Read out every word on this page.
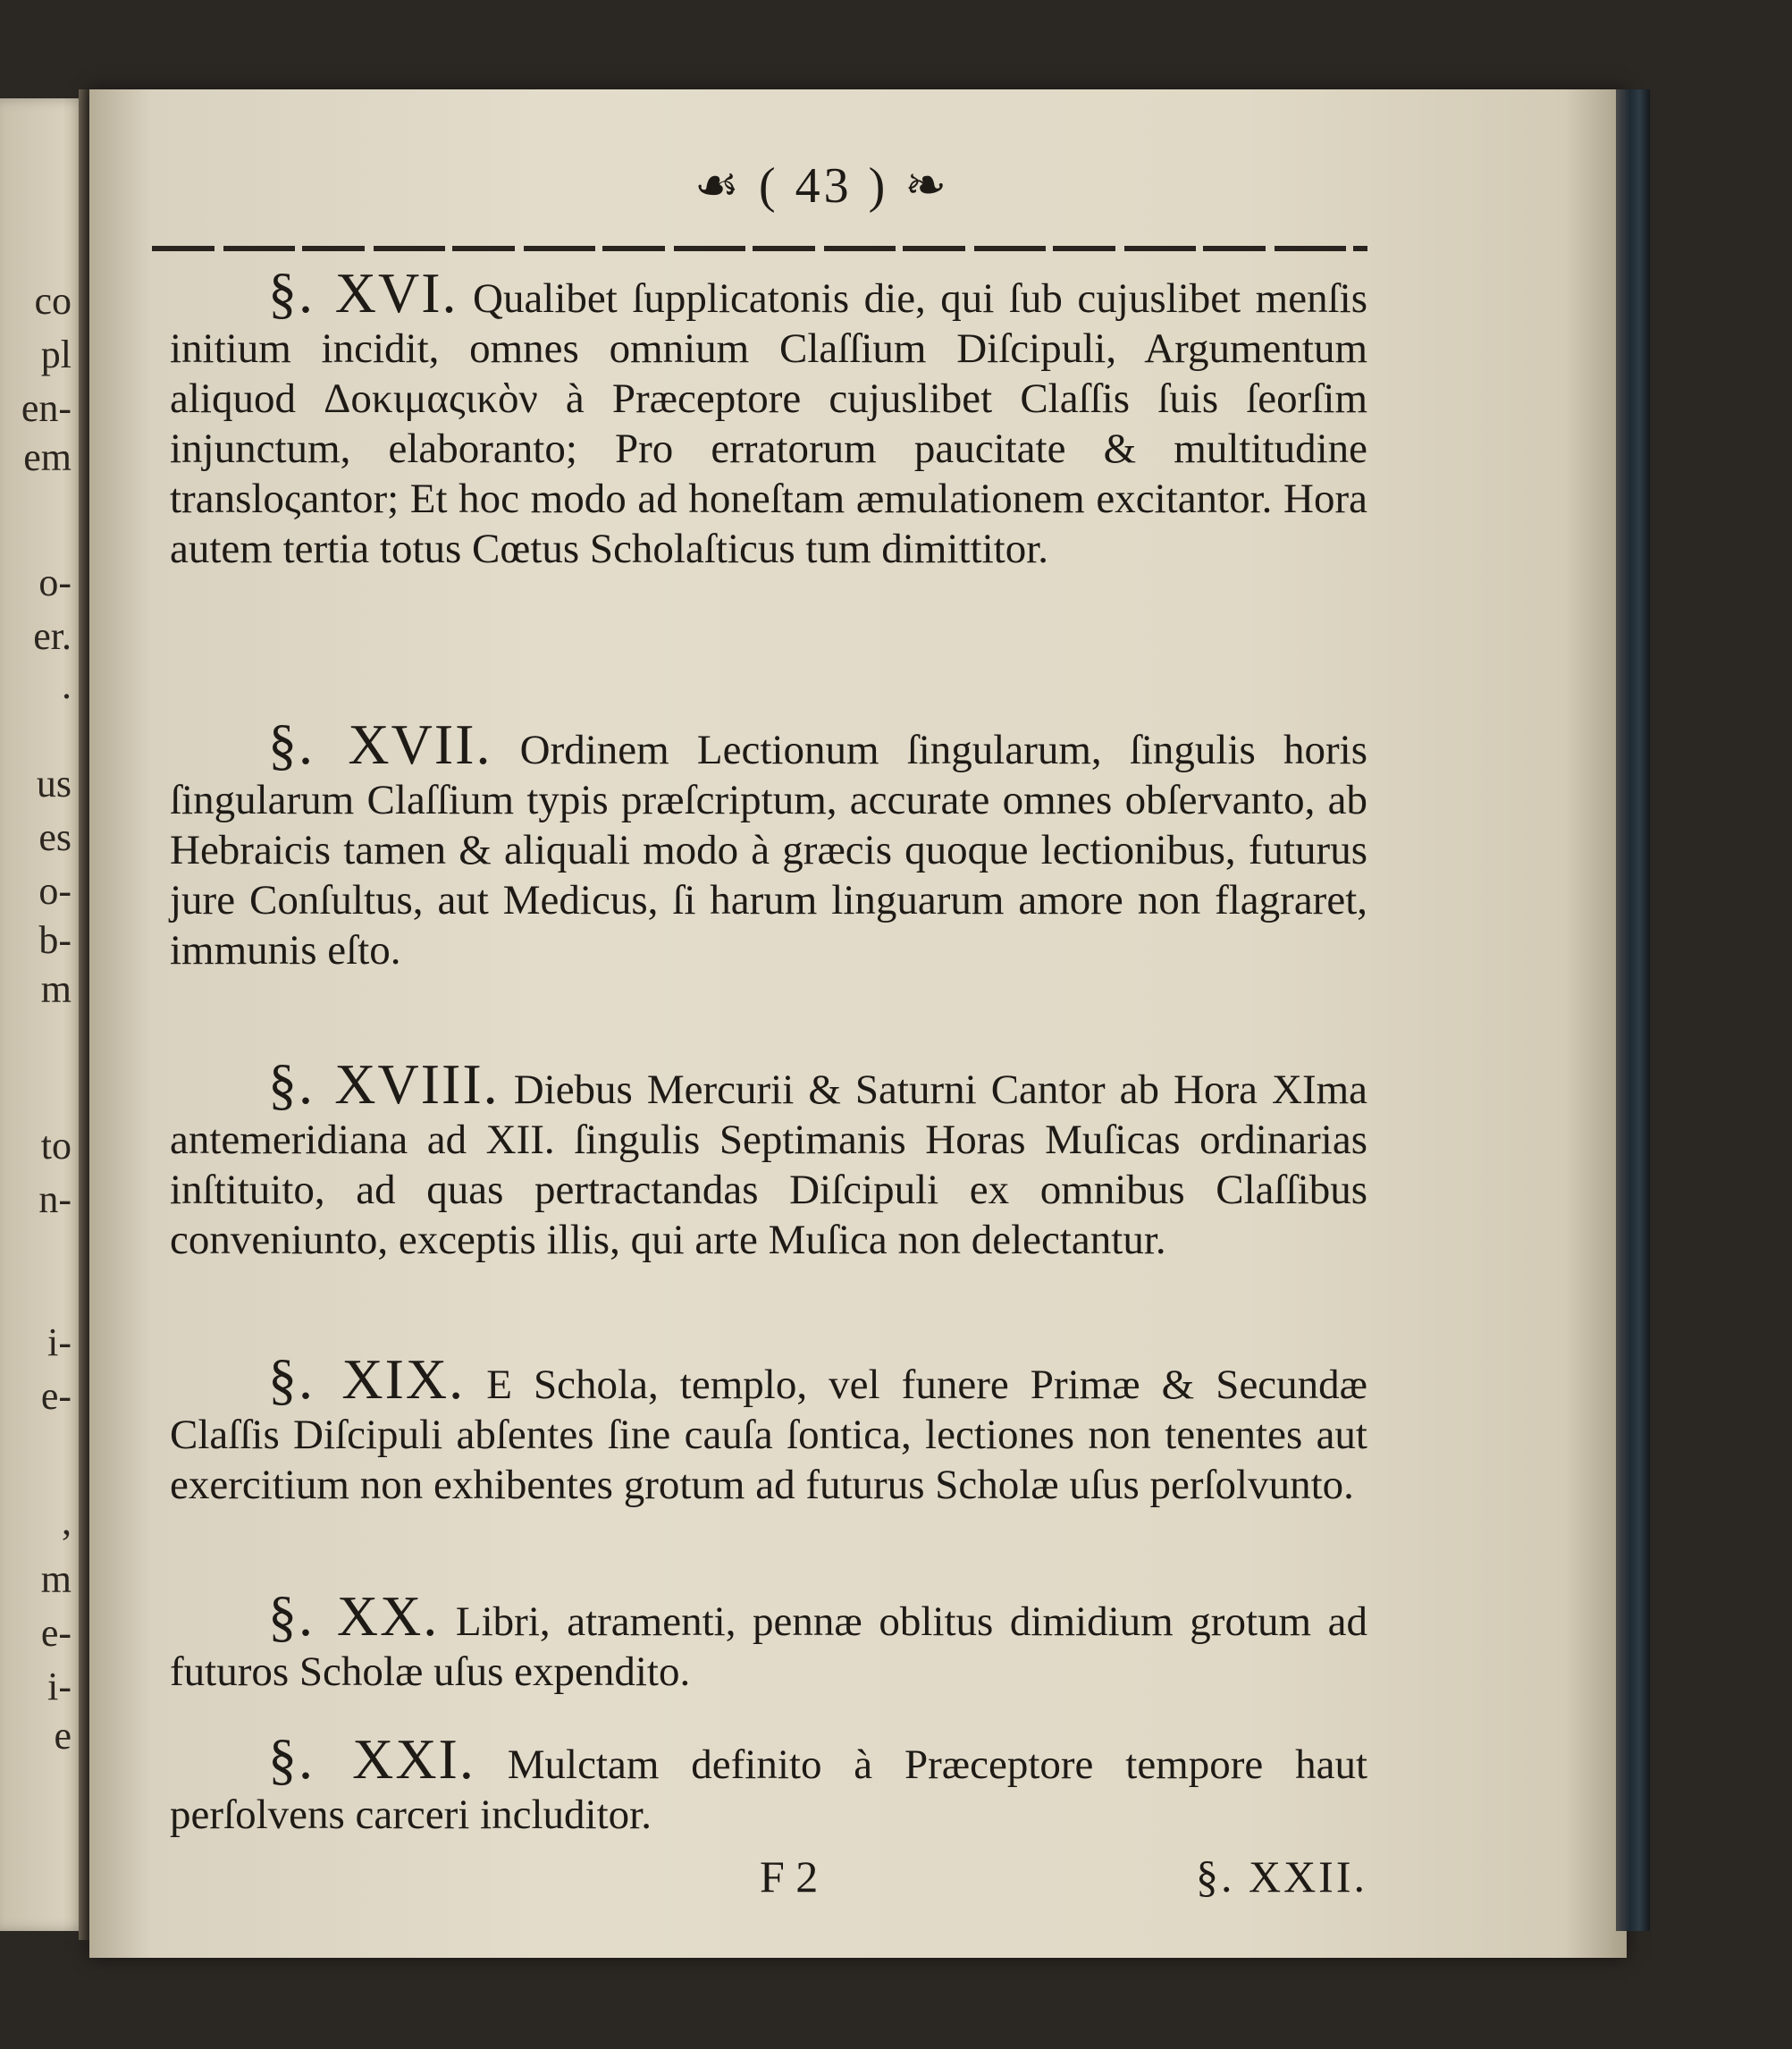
co
pl
en-
em
o-
er.
.
us
es
o-
b-
m
to
n-
i-
e-
,
m
e-
i-
e
.
☙ ( 43 ) ❧
§. XVI. Qualibet ſupplicatonis die, qui ſub cujuslibet menſis initium incidit, omnes omnium Claſſium Diſcipuli, Argumentum aliquod Δοκιμαςικὸν à Præceptore cujuslibet Claſſis ſuis ſeorſim injunctum, elaboranto; Pro erratorum paucitate & multitudine transloςantor; Et hoc modo ad honeſtam æmulationem excitantor. Hora autem tertia totus Cœtus Scholaſticus tum dimittitor.
§. XVII. Ordinem Lectionum ſingularum, ſingulis horis ſingularum Claſſium typis præſcriptum, accurate omnes obſervanto, ab Hebraicis tamen & aliquali modo à græcis quoque lectionibus, futurus jure Conſultus, aut Medicus, ſi harum linguarum amore non flagraret, immunis eſto.
§. XVIII. Diebus Mercurii & Saturni Cantor ab Hora XIma antemeridiana ad XII. ſingulis Septimanis Horas Muſicas ordinarias inſtituito, ad quas pertractandas Diſcipuli ex omnibus Claſſibus conveniunto, exceptis illis, qui arte Muſica non delectantur.
§. XIX. E Schola, templo, vel funere Primæ & Secundæ Claſſis Diſcipuli abſentes ſine cauſa ſontica, lectiones non tenentes aut exercitium non exhibentes grotum ad futurus Scholæ uſus perſolvunto.
§. XX. Libri, atramenti, pennæ oblitus dimidium grotum ad futuros Scholæ uſus expendito.
§. XXI. Mulctam definito à Præceptore tempore haut perſolvens carceri includitor.
F 2	§. XXII.
